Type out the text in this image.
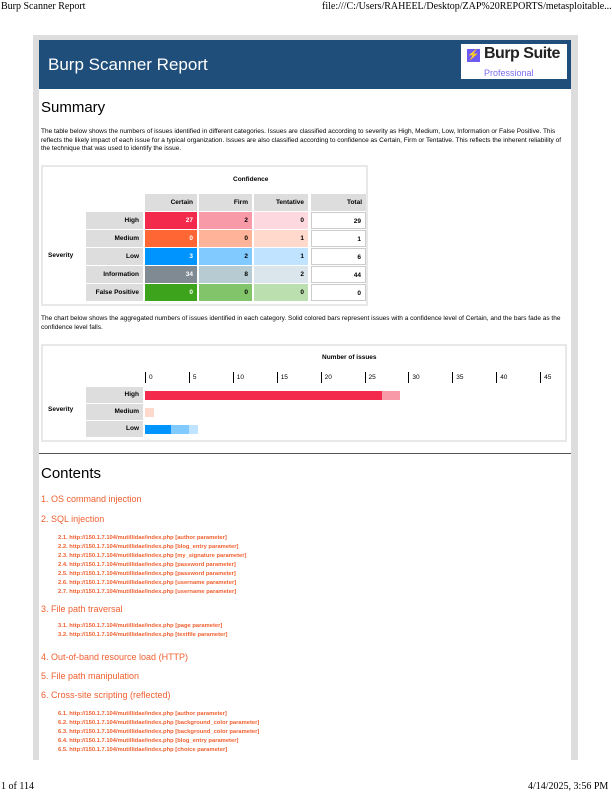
Burp Scanner Report	file:///C:/Users/RAHEEL/Desktop/ZAP%20REPORTS/metasploitable...
1 of 114	4/14/2025, 3:56 PM
Burp Scanner Report	⚡ Burp Suite
Professional
Summary
The table below shows the numbers of issues identified in different categories. Issues are classified according to severity as High, Medium, Low, Information or False Positive. This reflects the likely impact of each issue for a typical organization. Issues are also classified according to confidence as Certain, Firm or Tentative. This reflects the inherent reliability of the technique that was used to identify the issue.
Confidence
Severity
The chart below shows the aggregated numbers of issues identified in each category. Solid colored bars represent issues with a confidence level of Certain, and the bars fade as the confidence level falls.
Number of issues
Severity
Contents
Certain	Firm	Tentative	Total
High	27	2	0	29
Medium	0	0	1	1
Low	3	2	1	6
Information	34	8	2	44
False Positive	0	0	0	0
0	5	10	15	20	25	30	35	40	45
High
Medium
Low
1. OS command injection
2. SQL injection
2.1. http://150.1.7.104/mutillidae/index.php [author parameter]
2.2. http://150.1.7.104/mutillidae/index.php [blog_entry parameter]
2.3. http://150.1.7.104/mutillidae/index.php [my_signature parameter]
2.4. http://150.1.7.104/mutillidae/index.php [password parameter]
2.5. http://150.1.7.104/mutillidae/index.php [password parameter]
2.6. http://150.1.7.104/mutillidae/index.php [username parameter]
2.7. http://150.1.7.104/mutillidae/index.php [username parameter]
3. File path traversal
3.1. http://150.1.7.104/mutillidae/index.php [page parameter]
3.2. http://150.1.7.104/mutillidae/index.php [textfile parameter]
4. Out-of-band resource load (HTTP)
5. File path manipulation
6. Cross-site scripting (reflected)
6.1. http://150.1.7.104/mutillidae/index.php [author parameter]
6.2. http://150.1.7.104/mutillidae/index.php [background_color parameter]
6.3. http://150.1.7.104/mutillidae/index.php [background_color parameter]
6.4. http://150.1.7.104/mutillidae/index.php [blog_entry parameter]
6.5. http://150.1.7.104/mutillidae/index.php [choice parameter]
